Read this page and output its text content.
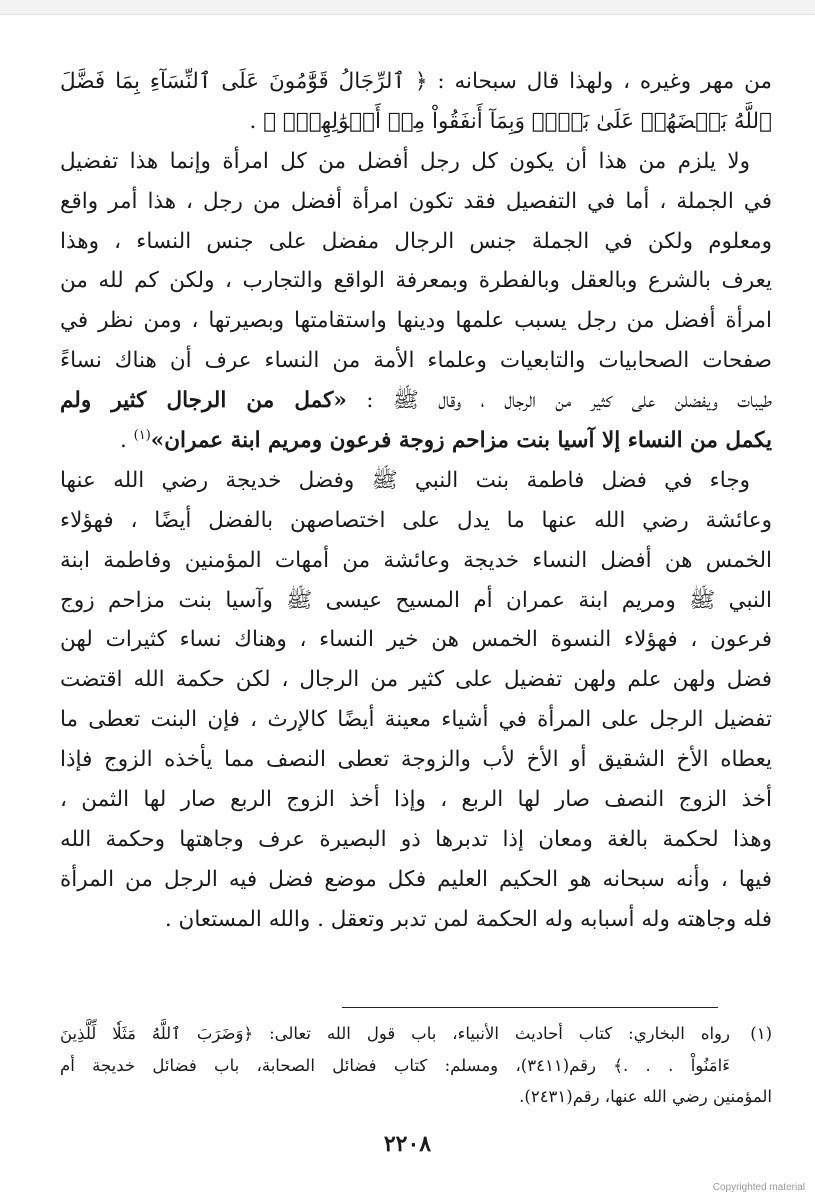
من مهر وغيره ، ولهذا قال سبحانه : ﴿ ٱلرِّجَالُ قَوَّٰمُونَ عَلَى ٱلنِّسَآءِ بِمَا فَضَّلَ
ٱللَّهُ بَعۡضَهُمۡ عَلَىٰ بَعۡضٖ وَبِمَآ أَنفَقُواْ مِنۡ أَمۡوَٰلِهِمۡۚ ﴾ .
ولا يلزم من هذا أن يكون كل رجل أفضل من كل امرأة وإنما هذا تفضيل
في الجملة ، أما في التفصيل فقد تكون امرأة أفضل من رجل ، هذا أمر واقع
ومعلوم ولكن في الجملة جنس الرجال مفضل على جنس النساء ، وهذا
يعرف بالشرع وبالعقل وبالفطرة وبمعرفة الواقع والتجارب ، ولكن كم لله من
امرأة أفضل من رجل يسبب علمها ودينها واستقامتها وبصيرتها ، ومن نظر في
صفحات الصحابيات والتابعيات وعلماء الأمة من النساء عرف أن هناك نساءً
طيبات ويفضلن على كثير من الرجال ، وقال ﷺ : «كمل من الرجال كثير ولم
يكمل من النساء إلا آسيا بنت مزاحم زوجة فرعون ومريم ابنة عمران»$^{(١)}$ .
وجاء في فضل فاطمة بنت النبي ﷺ وفضل خديجة رضي الله عنها
وعائشة رضي الله عنها ما يدل على اختصاصهن بالفضل أيضًا ، فهؤلاء
الخمس هن أفضل النساء خديجة وعائشة من أمهات المؤمنين وفاطمة ابنة
النبي ﷺ ومريم ابنة عمران أم المسيح عيسى ﷺ وآسيا بنت مزاحم زوج
فرعون ، فهؤلاء النسوة الخمس هن خير النساء ، وهناك نساء كثيرات لهن
فضل ولهن علم ولهن تفضيل على كثير من الرجال ، لكن حكمة الله اقتضت
تفضيل الرجل على المرأة في أشياء معينة أيضًا كالإرث ، فإن البنت تعطى ما
يعطاه الأخ الشقيق أو الأخ لأب والزوجة تعطى النصف مما يأخذه الزوج فإذا
أخذ الزوج النصف صار لها الربع ، وإذا أخذ الزوج الربع صار لها الثمن ،
وهذا لحكمة بالغة ومعان إذا تدبرها ذو البصيرة عرف وجاهتها وحكمة الله
فيها ، وأنه سبحانه هو الحكيم العليم فكل موضع فضل فيه الرجل من المرأة
فله وجاهته وله أسبابه وله الحكمة لمن تدبر وتعقل . والله المستعان .
(١)
رواه البخاري: كتاب أحاديث الأنبياء، باب قول الله تعالى: ﴿وَضَرَبَ ٱللَّهُ مَثَلٗا لِّلَّذِينَ
ءَامَنُواْ . . .﴾ رقم(٣٤١١)، ومسلم: كتاب فضائل الصحابة، باب فضائل خديجة أم
المؤمنين رضي الله عنها، رقم(٢٤٣١).
٢٢٠٨
Copyrighted material
